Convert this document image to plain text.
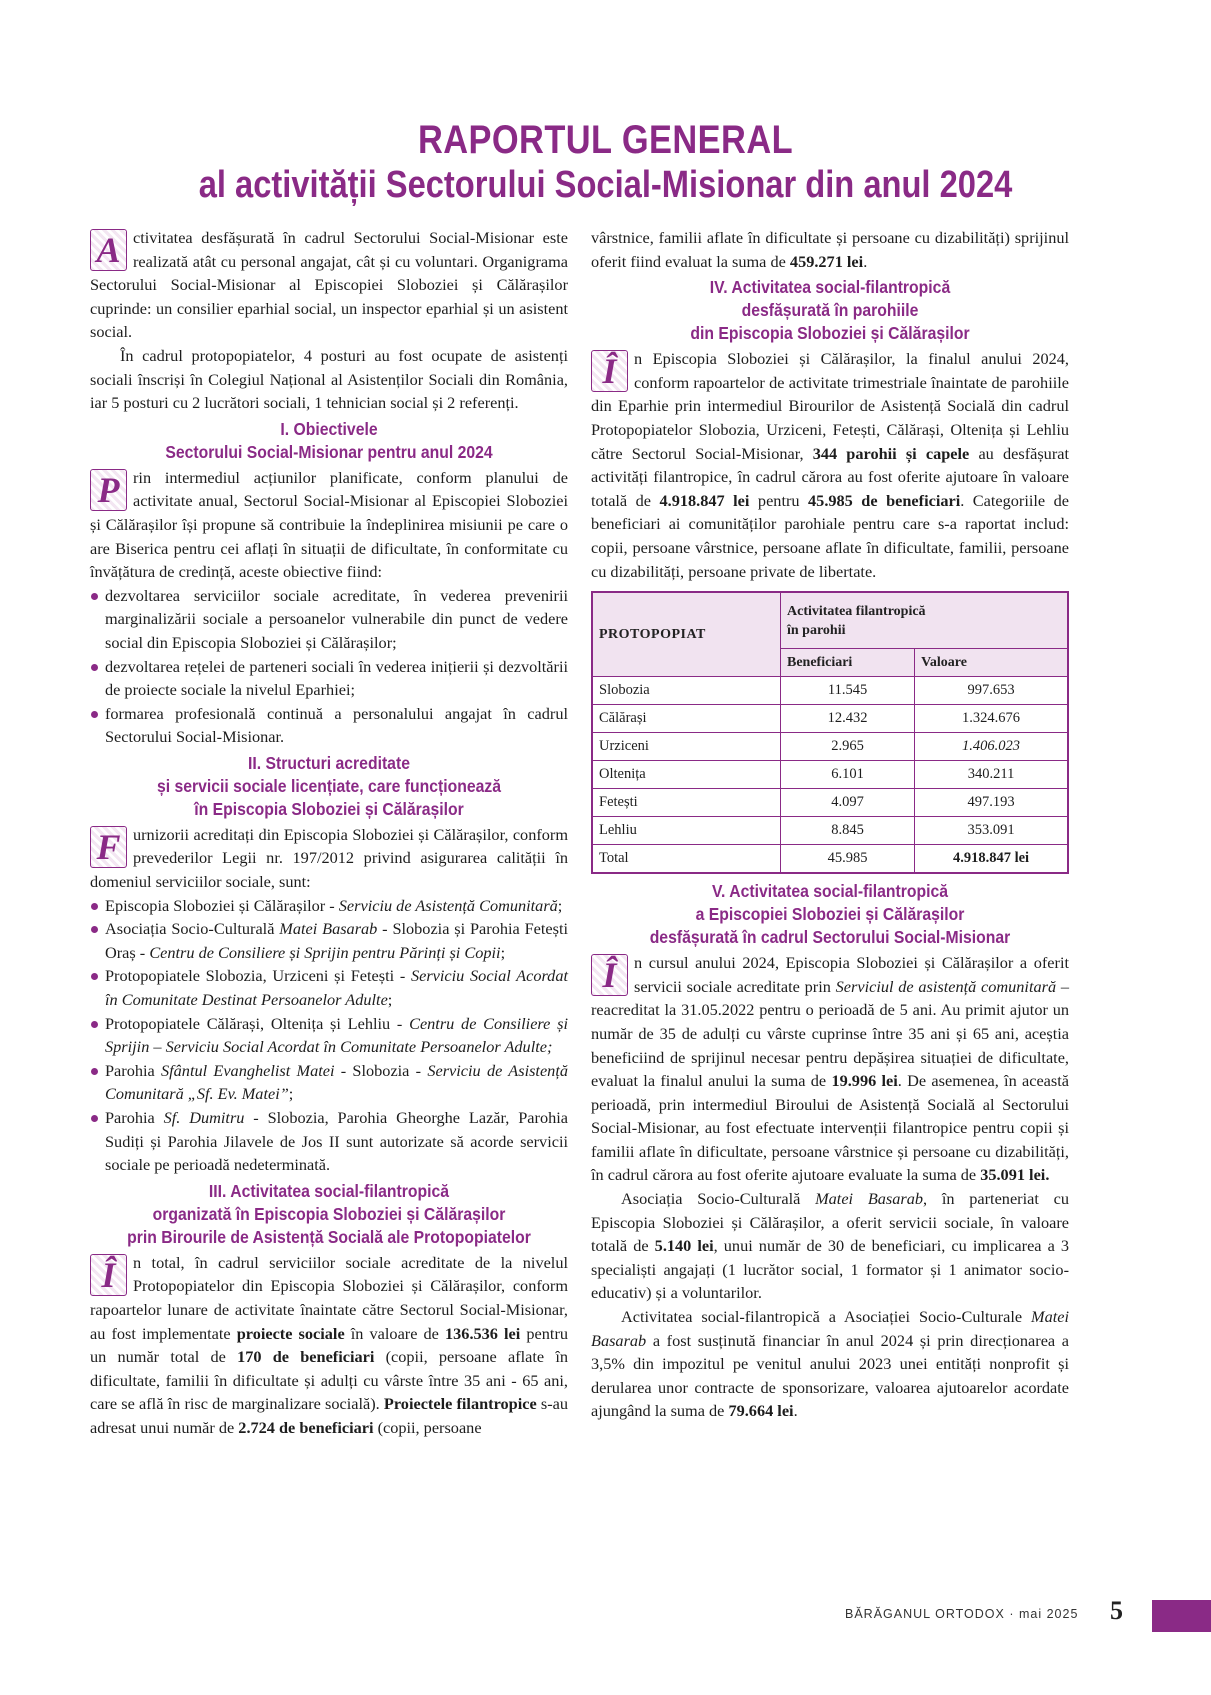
RAPORTUL GENERAL
al activității Sectorului Social-Misionar din anul 2024

A ctivitatea desfășurată în cadrul Sectorului Social-Misionar este realizată atât cu personal angajat, cât și cu voluntari. Organigrama Sectorului Social-Misionar al Episcopiei Sloboziei și Călărașilor cuprinde: un consilier eparhial social, un inspector eparhial și un asistent social.

În cadrul protopopiatelor, 4 posturi au fost ocupate de asistenți sociali înscriși în Colegiul Național al Asistenților Sociali din România, iar 5 posturi cu 2 lucrători sociali, 1 tehnician social și 2 referenți.

I. Obiectivele
Sectorului Social-Misionar pentru anul 2024

P rin intermediul acțiunilor planificate, conform planului de activitate anual, Sectorul Social-Misionar al Episcopiei Sloboziei și Călărașilor își propune să contribuie la îndeplinirea misiunii pe care o are Biserica pentru cei aflați în situații de dificultate, în conformitate cu învățătura de credință, aceste obiective fiind:

dezvoltarea serviciilor sociale acreditate, în vederea prevenirii marginalizării sociale a persoanelor vulnerabile din punct de vedere social din Episcopia Sloboziei și Călărașilor;
dezvoltarea rețelei de parteneri sociali în vederea inițierii și dezvoltării de proiecte sociale la nivelul Eparhiei;
formarea profesională continuă a personalului angajat în cadrul Sectorului Social-Misionar.
II. Structuri acreditate
și servicii sociale licențiate, care funcționează
în Episcopia Sloboziei și Călărașilor

F urnizorii acreditați din Episcopia Sloboziei și Călărașilor, conform prevederilor Legii nr. 197/2012 privind asigurarea calității în domeniul serviciilor sociale, sunt:

Episcopia Sloboziei și Călărașilor - Serviciu de Asistență Comunitară;
Asociația Socio-Culturală Matei Basarab - Slobozia și Parohia Fetești Oraș - Centru de Consiliere și Sprijin pentru Părinți și Copii;
Protopopiatele Slobozia, Urziceni și Fetești - Serviciu Social Acordat în Comunitate Destinat Persoanelor Adulte;
Protopopiatele Călărași, Oltenița și Lehliu - Centru de Consiliere și Sprijin – Serviciu Social Acordat în Comunitate Persoanelor Adulte;
Parohia Sfântul Evanghelist Matei - Slobozia - Serviciu de Asistență Comunitară „Sf. Ev. Matei”;
Parohia Sf. Dumitru - Slobozia, Parohia Gheorghe Lazăr, Parohia Sudiți și Parohia Jilavele de Jos II sunt autorizate să acorde servicii sociale pe perioadă nedeterminată.
III. Activitatea social-filantropică
organizată în Episcopia Sloboziei și Călărașilor
prin Birourile de Asistență Socială ale Protopopiatelor

Î	n total, în cadrul serviciilor sociale acreditate de la nivelul Protopopiatelor din Episcopia Sloboziei și Călărașilor, conform rapoartelor lunare de activitate înaintate către Sectorul Social-Misionar, au fost implementate proiecte sociale în valoare de 136.536 lei pentru un număr total de 170 de beneficiari (copii, persoane aflate în dificultate, familii în dificultate și adulți cu vârste între 35 ani - 65 ani, care se află în risc de marginalizare socială). Proiectele filantropice s-au adresat unui număr de 2.724 de beneficiari (copii, persoane

vârstnice, familii aflate în dificultate și persoane cu dizabilități) sprijinul oferit fiind evaluat la suma de 459.271 lei.

IV. Activitatea social-filantropică
desfășurată în parohiile
din Episcopia Sloboziei și Călărașilor

Î	n Episcopia Sloboziei și Călărașilor, la finalul anului 2024, conform rapoartelor de activitate trimestriale înaintate de parohiile din Eparhie prin intermediul Birourilor de Asistență Socială din cadrul Protopopiatelor Slobozia, Urziceni, Fetești, Călărași, Oltenița și Lehliu către Sectorul Social-Misionar, 344 parohii și capele au desfășurat activități filantropice, în cadrul cărora au fost oferite ajutoare în valoare totală de 4.918.847 lei pentru 45.985 de beneficiari. Categoriile de beneficiari ai comunităților parohiale pentru care s-a raportat includ: copii, persoane vârstnice, persoane aflate în dificultate, familii, persoane cu dizabilități, persoane private de libertate.

PROTOPOPIAT	Activitatea filantropică
în parohii	

	Beneficiari	Valoare
Slobozia	11.545	997.653
Călărași	12.432	1.324.676
Urziceni	2.965	1.406.023
Oltenița	6.101	340.211
Fetești	4.097	497.193
Lehliu	8.845	353.091
Total	45.985	4.918.847 lei
V. Activitatea social-filantropică
a Episcopiei Sloboziei și Călărașilor
desfășurată în cadrul Sectorului Social-Misionar

Î	n cursul anului 2024, Episcopia Sloboziei și Călărașilor a oferit servicii sociale acreditate prin Serviciul de asistență comunitară – reacreditat la 31.05.2022 pentru o perioadă de 5 ani. Au primit ajutor un număr de 35 de adulți cu vârste cuprinse între 35 ani și 65 ani, aceștia beneficiind de sprijinul necesar pentru depășirea situației de dificultate, evaluat la finalul anului la suma de 19.996 lei. De asemenea, în această perioadă, prin intermediul Biroului de Asistență Socială al Sectorului Social-Misionar, au fost efectuate intervenții filantropice pentru copii și familii aflate în dificultate, persoane vârstnice și persoane cu dizabilități, în cadrul cărora au fost oferite ajutoare evaluate la suma de 35.091 lei.

Asociația Socio-Culturală Matei Basarab, în parteneriat cu Episcopia Sloboziei și Călărașilor, a oferit servicii sociale, în valoare totală de 5.140 lei, unui număr de 30 de beneficiari, cu implicarea a 3 specialiști angajați (1 lucrător social, 1 formator și 1 animator socio-educativ) și a voluntarilor.

Activitatea social-filantropică a Asociației Socio-Culturale Matei Basarab a fost susținută financiar în anul 2024 și prin direcționarea a 3,5% din impozitul pe venitul anului 2023 unei entități nonprofit și derularea unor contracte de sponsorizare, valoarea ajutoarelor acordate ajungând la suma de 79.664 lei.

BĂRĂGANUL ORTODOX · mai 2025 5
